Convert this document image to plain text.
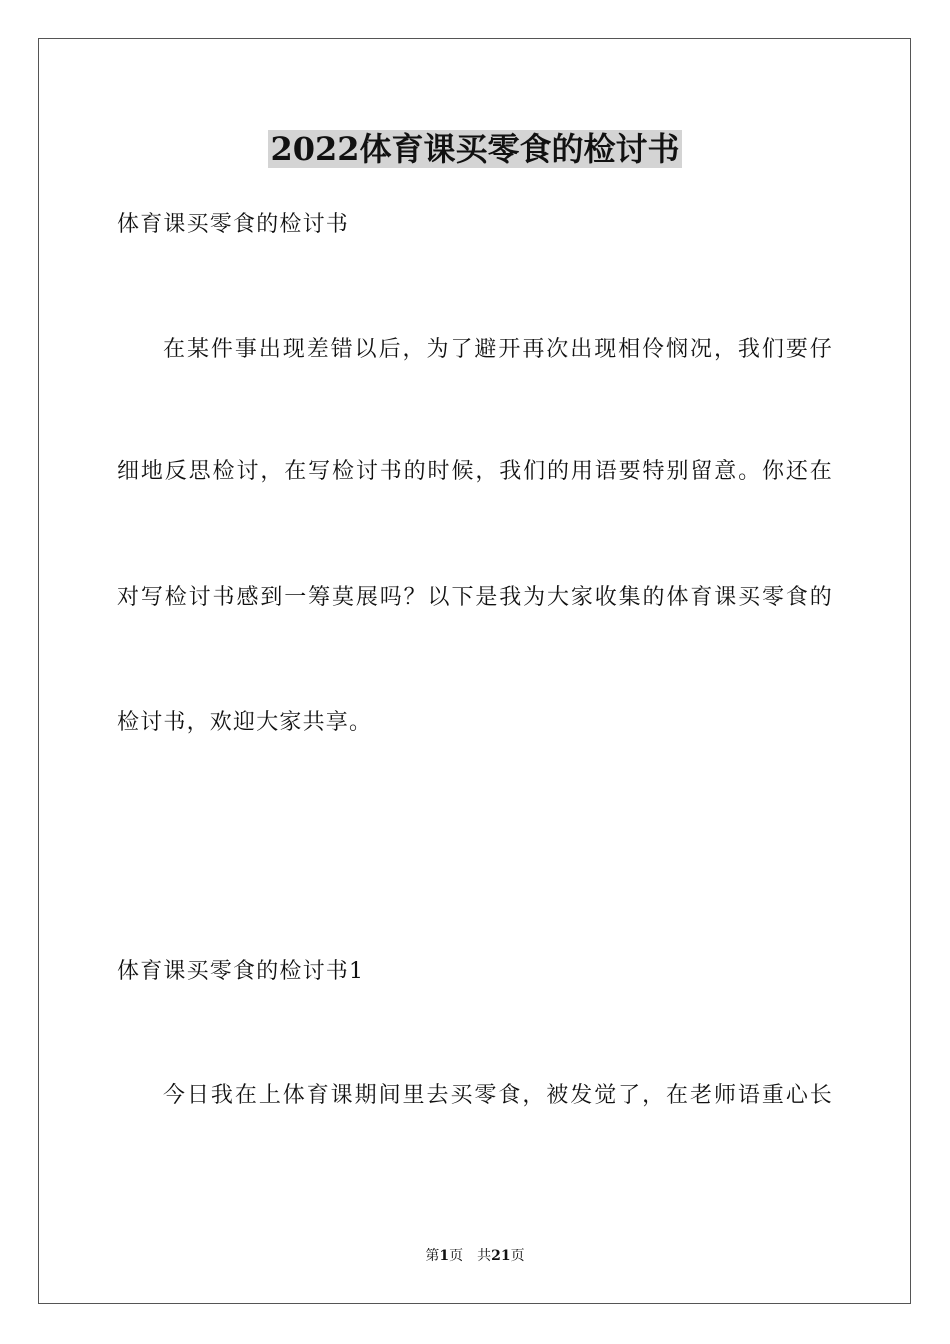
2022体育课买零食的检讨书

体育课买零食的检讨书

在某件事出现差错以后，为了避开再次出现相伶悯况，我们要仔

细地反思检讨，在写检讨书的时候，我们的用语要特别留意。你还在

对写检讨书感到一筹莫展吗？以下是我为大家收集的体育课买零食的

检讨书，欢迎大家共享。

体育课买零食的检讨书1

今日我在上体育课期间里去买零食，被发觉了，在老师语重心长

第1页 共21页
